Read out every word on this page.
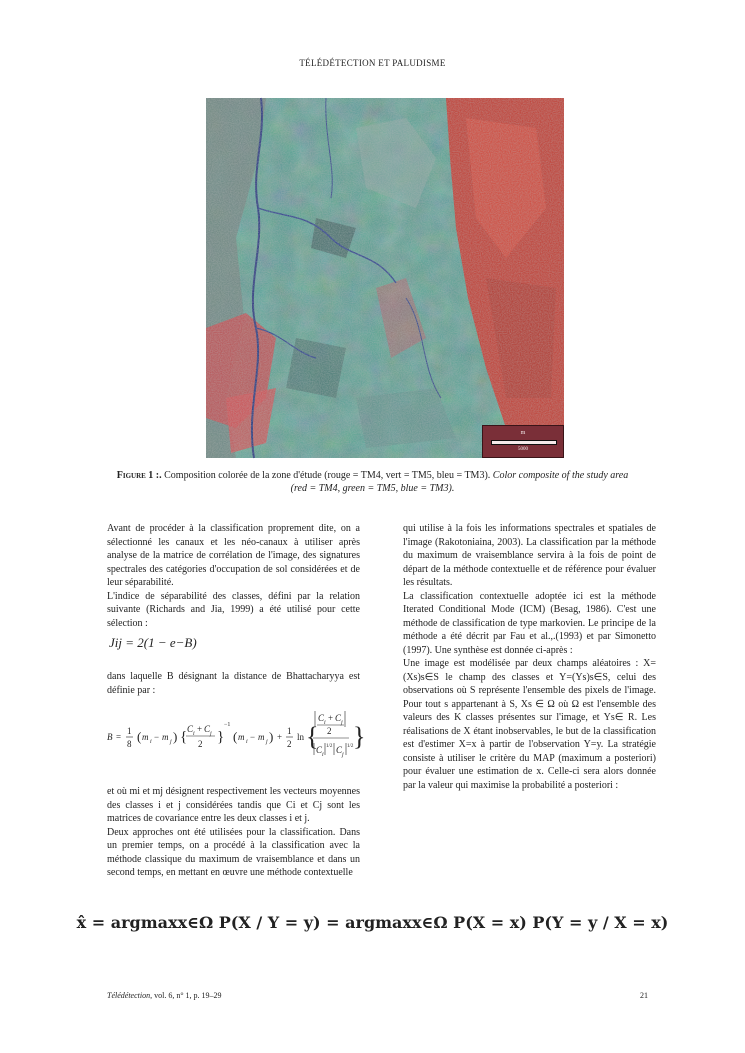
TÉLÉDÉTECTION ET PALUDISME
m
5000
Figure 1 :. Composition colorée de la zone d'étude (rouge = TM4, vert = TM5, bleu = TM3). Color composite of the study area (red = TM4, green = TM5, blue = TM3).

Avant de procéder à la classification proprement dite, on a sélectionné les canaux et les néo-canaux à utiliser après analyse de la matrice de corrélation de l'image, des signatures spectrales des catégories d'occupation de sol considérées et de leur séparabilité.

L'indice de séparabilité des classes, défini par la relation suivante (Richards and Jia, 1999) a été utilisé pour cette sélection :

Jij = 2(1 − e−B)

dans laquelle B désignant la distance de Bhattacharyya est définie par :

B =
1
8 ( m i − m j ) { C i + C j
2 }
−1
( m i − m j ) +
1
2
ln {
C i + C j
2
C i
1/2 C j
1/2 }

et où mi et mj désignent respectivement les vecteurs moyennes des classes i et j considérées tandis que Ci et Cj sont les matrices de covariance entre les deux classes i et j.

Deux approches ont été utilisées pour la classification. Dans un premier temps, on a procédé à la classification avec la méthode classique du maximum de vraisemblance et dans un second temps, en mettant en œuvre une méthode contextuelle

qui utilise à la fois les informations spectrales et spatiales de l'image (Rakotoniaina, 2003). La classification par la méthode du maximum de vraisemblance servira à la fois de point de départ de la méthode contextuelle et de référence pour évaluer les résultats.

La classification contextuelle adoptée ici est la méthode Iterated Conditional Mode (ICM) (Besag, 1986). C'est une méthode de classification de type markovien. Le principe de la méthode a été décrit par Fau et al.,.(1993) et par Simonetto (1997). Une synthèse est donnée ci-après :

Une image est modélisée par deux champs aléatoires : X=(Xs)s∈S le champ des classes et Y=(Ys)s∈S, celui des observations où S représente l'ensemble des pixels de l'image. Pour tout s appartenant à S, Xs ∈ Ω où Ω est l'ensemble des valeurs des K classes présentes sur l'image, et Ys∈ R. Les réalisations de X étant inobservables, le but de la classification est d'estimer X=x à partir de l'observation Y=y. La stratégie consiste à utiliser le critère du MAP (maximum a posteriori) pour évaluer une estimation de x. Celle-ci sera alors donnée par la valeur qui maximise la probabilité a posteriori :

x̂ = argmaxx∈Ω P(X / Y = y) = argmaxx∈Ω P(X = x) P(Y = y / X = x)
Télédétection, vol. 6, n° 1, p. 19–29	21
